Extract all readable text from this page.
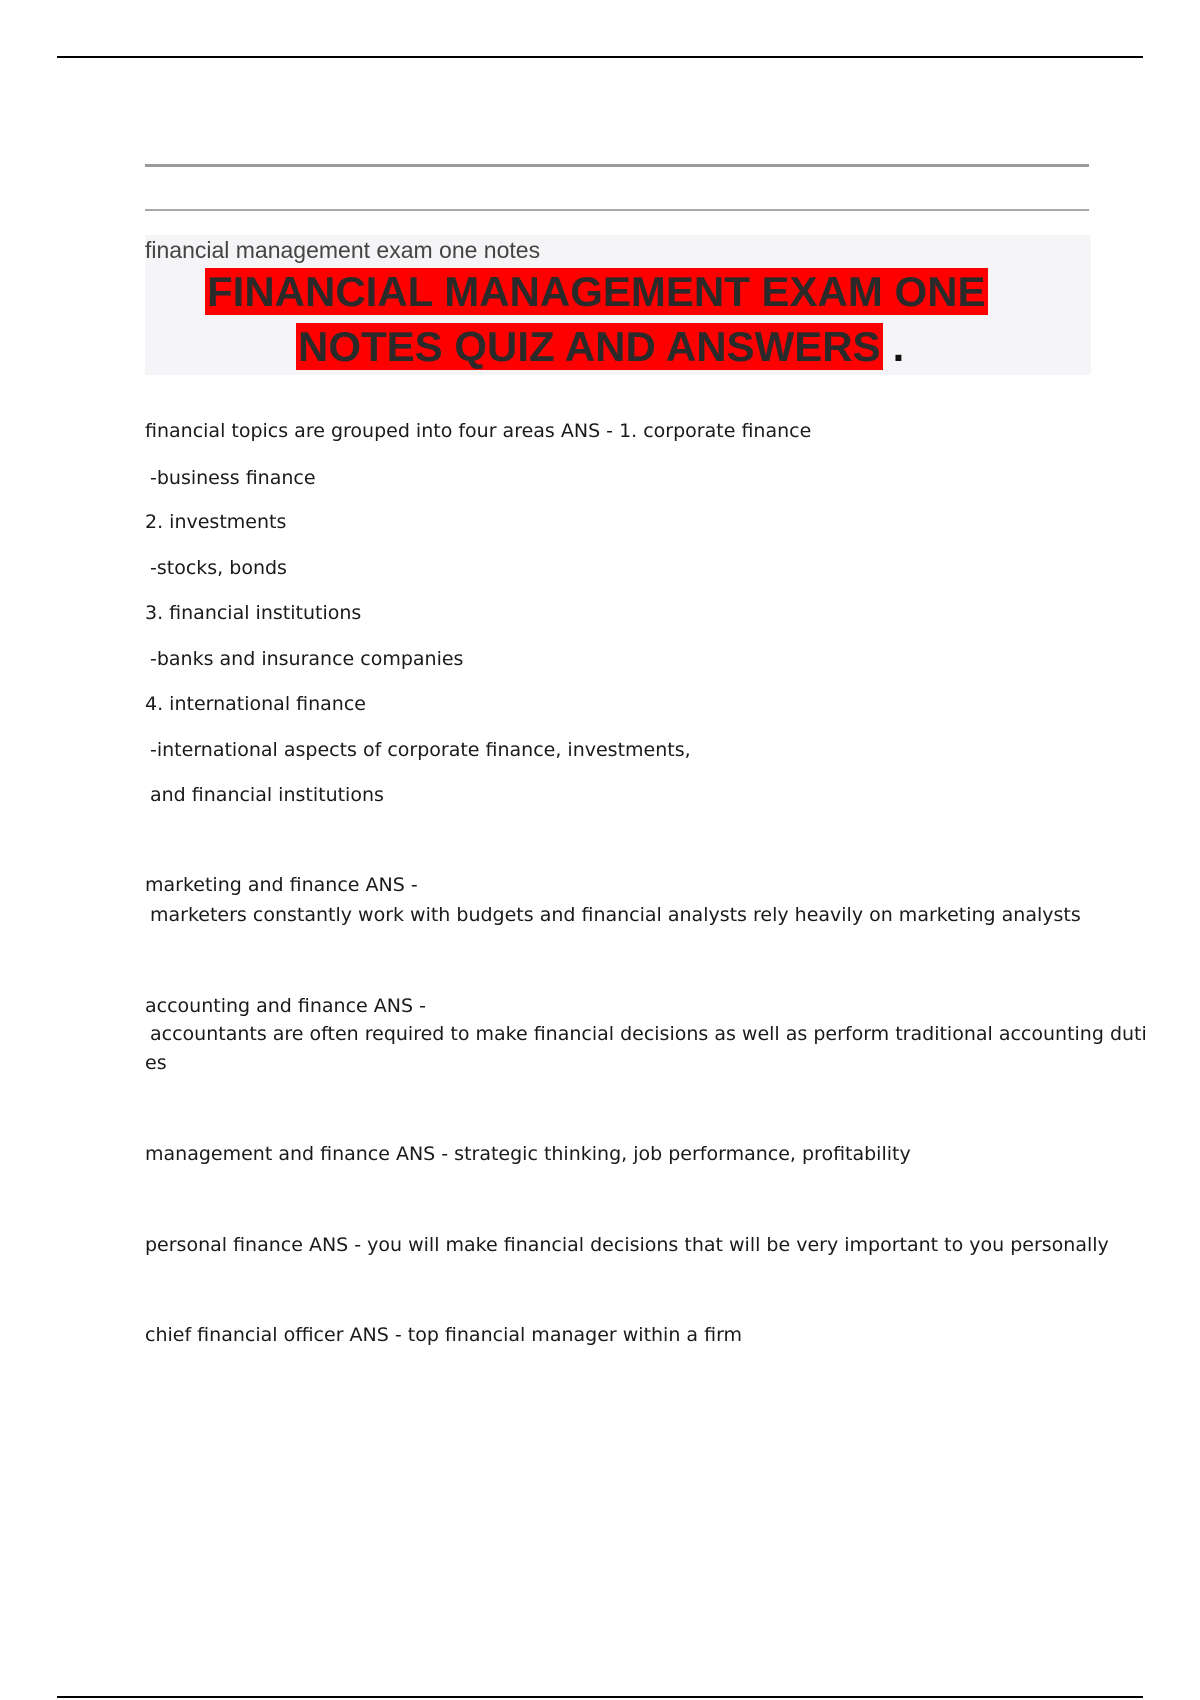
financial management exam one notes
FINANCIAL MANAGEMENT EXAM ONE
NOTES QUIZ AND ANSWERS .
financial topics are grouped into four areas ANS - 1. corporate finance
-business finance
2. investments
-stocks, bonds
3. financial institutions
-banks and insurance companies
4. international finance
-international aspects of corporate finance, investments,
and financial institutions
marketing and finance ANS -
marketers constantly work with budgets and financial analysts rely heavily on marketing analysts
accounting and finance ANS -
accountants are often required to make financial decisions as well as perform traditional accounting duti
es
management and finance ANS - strategic thinking, job performance, profitability
personal finance ANS - you will make financial decisions that will be very important to you personally
chief financial officer ANS - top financial manager within a firm
